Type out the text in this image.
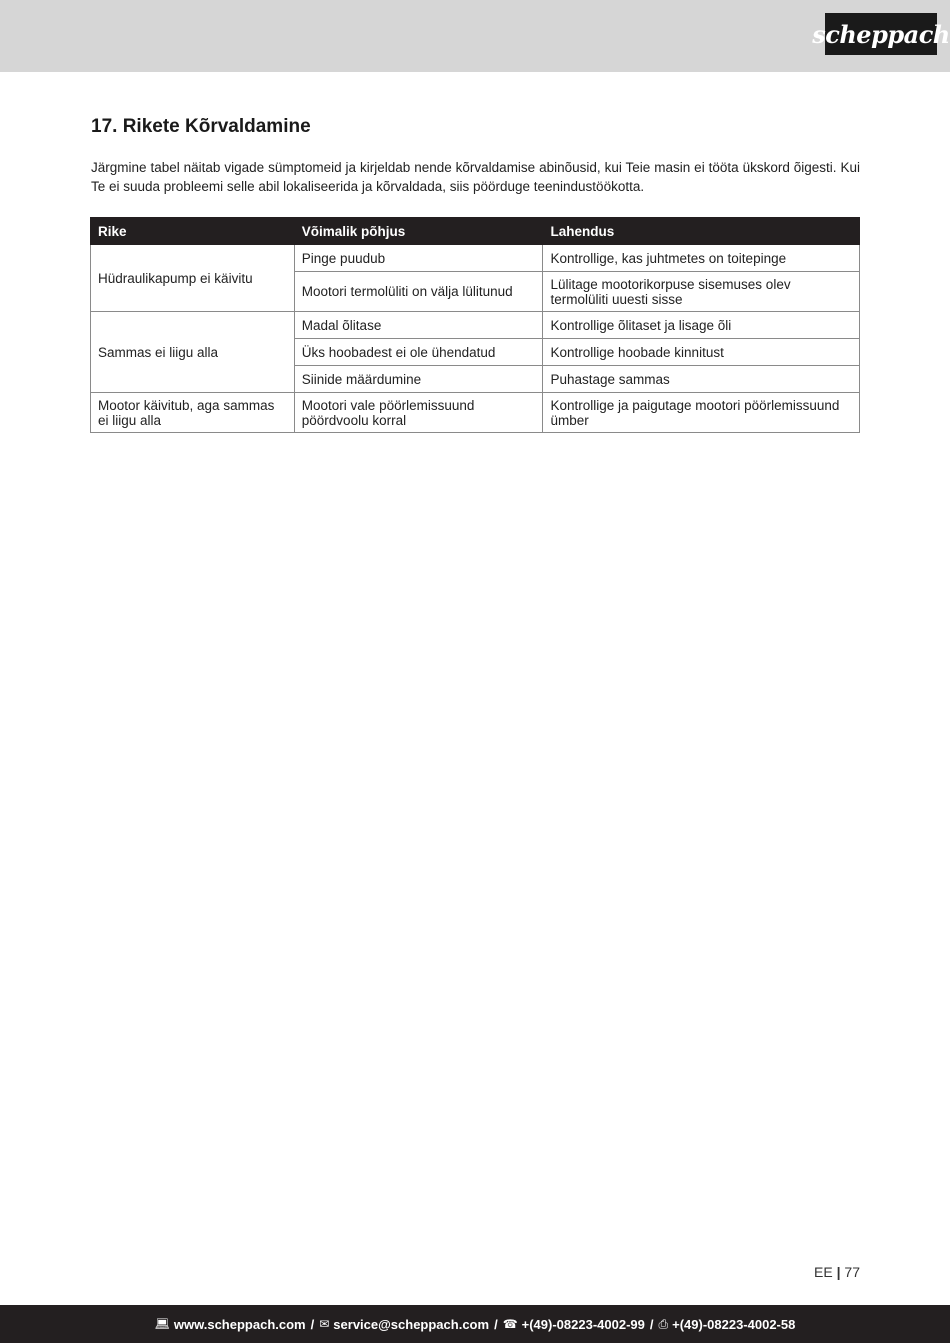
scheppach
17. Rikete Kõrvaldamine

Järgmine tabel näitab vigade sümptomeid ja kirjeldab nende kõrvaldamise abinõusid, kui Teie masin ei tööta ükskord õigesti. Kui Te ei suuda probleemi selle abil lokaliseerida ja kõrvaldada, siis pöörduge teenindustöökotta.

Rike	Võimalik põhjus	Lahendus
Hüdraulikapump ei käivitu	Pinge puudub	Kontrollige, kas juhtmetes on toitepinge
	Mootori termolüliti on välja lülitunud	Lülitage mootorikorpuse sisemuses olev termolüliti uuesti sisse
Sammas ei liigu alla	Madal õlitase	Kontrollige õlitaset ja lisage õli
	Üks hoobadest ei ole ühendatud	Kontrollige hoobade kinnitust
	Siinide määrdumine	Puhastage sammas
Mootor käivitub, aga sammas ei liigu alla	Mootori vale pöörlemissuund pöördvoolu korral	Kontrollige ja paigutage mootori pöörlemissuund ümber
EE | 77
💻︎ www.scheppach.com / ✉ service@scheppach.com / ☎ +(49)-08223-4002-99 / ⎙ +(49)-08223-4002-58
